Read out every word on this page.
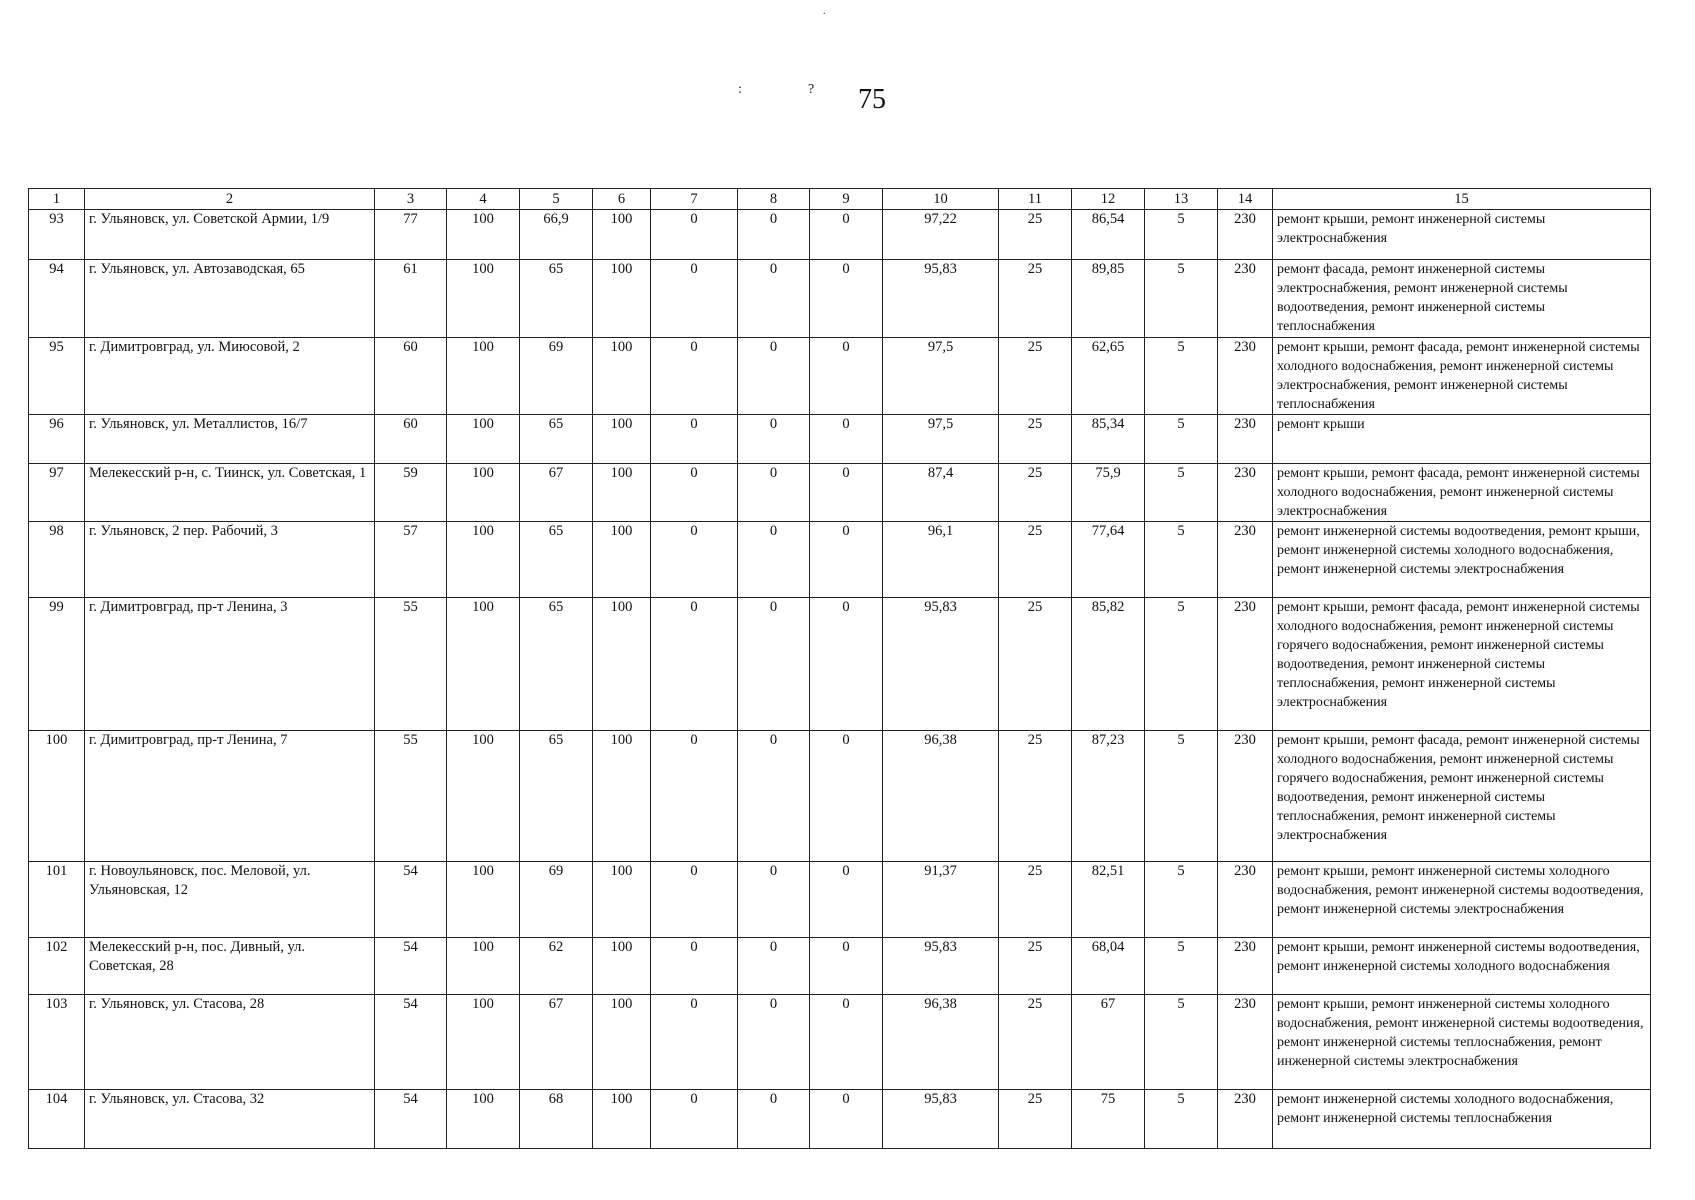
.
:	? 75
1	2	3	4	5	6	7	8	9	10	11	12	13	14	15
93	г. Ульяновск, ул. Советской Армии, 1/9	77	100	66,9	100	0	0	0	97,22	25	86,54	5	230	ремонт крыши, ремонт инженерной системы электроснабжения
94	г. Ульяновск, ул. Автозаводская, 65	61	100	65	100	0	0	0	95,83	25	89,85	5	230	ремонт фасада, ремонт инженерной системы электроснабжения, ремонт инженерной системы водоотведения, ремонт инженерной системы теплоснабжения
95	г. Димитровград, ул. Миюсовой, 2	60	100	69	100	0	0	0	97,5	25	62,65	5	230	ремонт крыши, ремонт фасада, ремонт инженерной системы холодного водоснабжения, ремонт инженерной системы электроснабжения, ремонт инженерной системы теплоснабжения
96	г. Ульяновск, ул. Металлистов, 16/7	60	100	65	100	0	0	0	97,5	25	85,34	5	230	ремонт крыши
97	Мелекесский р-н, с. Тиинск, ул. Советская, 1	59	100	67	100	0	0	0	87,4	25	75,9	5	230	ремонт крыши, ремонт фасада, ремонт инженерной системы холодного водоснабжения, ремонт инженерной системы электроснабжения
98	г. Ульяновск, 2 пер. Рабочий, 3	57	100	65	100	0	0	0	96,1	25	77,64	5	230	ремонт инженерной системы водоотведения, ремонт крыши, ремонт инженерной системы холодного водоснабжения, ремонт инженерной системы электроснабжения
99	г. Димитровград, пр-т Ленина, 3	55	100	65	100	0	0	0	95,83	25	85,82	5	230	ремонт крыши, ремонт фасада, ремонт инженерной системы холодного водоснабжения, ремонт инженерной системы горячего водоснабжения, ремонт инженерной системы водоотведения, ремонт инженерной системы теплоснабжения, ремонт инженерной системы электроснабжения
100	г. Димитровград, пр-т Ленина, 7	55	100	65	100	0	0	0	96,38	25	87,23	5	230	ремонт крыши, ремонт фасада, ремонт инженерной системы холодного водоснабжения, ремонт инженерной системы горячего водоснабжения, ремонт инженерной системы водоотведения, ремонт инженерной системы теплоснабжения, ремонт инженерной системы электроснабжения
101	г. Новоульяновск, пос. Меловой, ул. Ульяновская, 12	54	100	69	100	0	0	0	91,37	25	82,51	5	230	ремонт крыши, ремонт инженерной системы холодного водоснабжения, ремонт инженерной системы водоотведения, ремонт инженерной системы электроснабжения
102	Мелекесский р-н, пос. Дивный, ул. Советская, 28	54	100	62	100	0	0	0	95,83	25	68,04	5	230	ремонт крыши, ремонт инженерной системы водоотведения, ремонт инженерной системы холодного водоснабжения
103	г. Ульяновск, ул. Стасова, 28	54	100	67	100	0	0	0	96,38	25	67	5	230	ремонт крыши, ремонт инженерной системы холодного водоснабжения, ремонт инженерной системы водоотведения, ремонт инженерной системы теплоснабжения, ремонт инженерной системы электроснабжения
104	г. Ульяновск, ул. Стасова, 32	54	100	68	100	0	0	0	95,83	25	75	5	230	ремонт инженерной системы холодного водоснабжения, ремонт инженерной системы теплоснабжения
